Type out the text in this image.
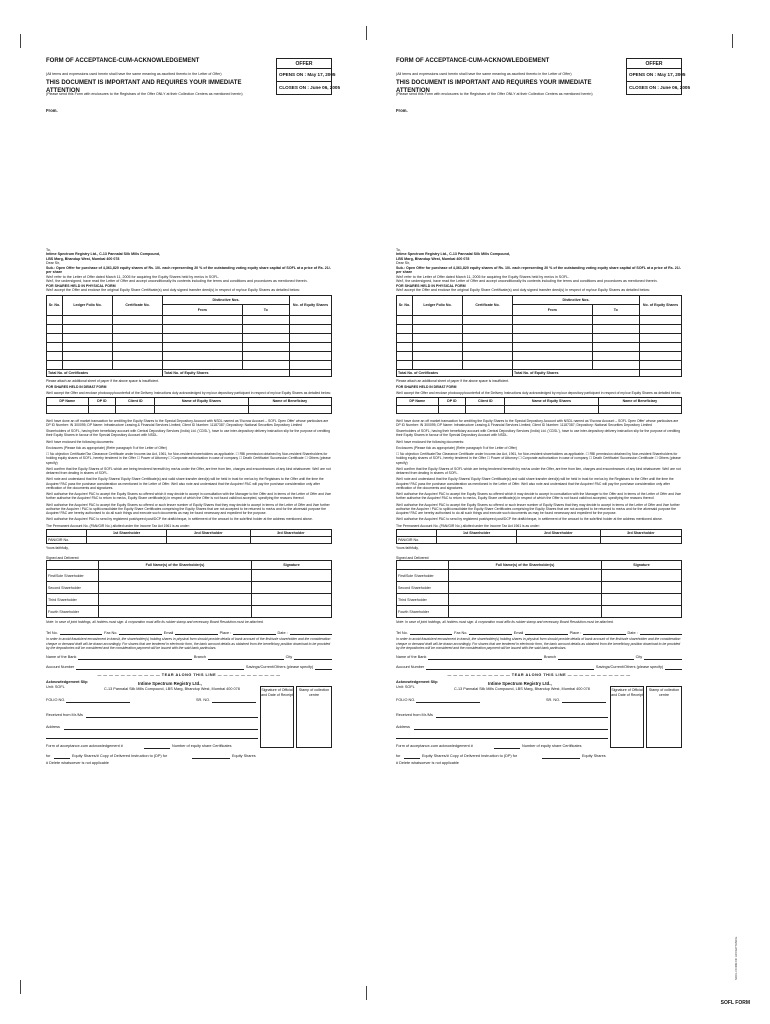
FORM OF ACCEPTANCE-CUM-ACKNOWLEDGEMENT
(All terms and expressions used herein shall have the same meaning as ascribed thereto in the Letter of Offer)
THIS DOCUMENT IS IMPORTANT AND REQUIRES YOUR IMMEDIATE ATTENTION
(Please send this Form with enclosures to the Registrars of the Offer ONLY at their Collection Centers as mentioned herein)
From.
OFFER
OPENS ON : May 17, 2005
CLOSES ON : June 06, 2005

To,

Intime Spectrum Registry Ltd., C-13 Pannalal Silk Mills Compound,

LBS Marg, Bhandup West, Mumbai 400 078

Dear Sir,

Sub.: Open Offer for purchase of 4,361,820 equity shares of Rs. 10/- each representing 20 % of the outstanding voting equity share capital of SOFL at a price of Rs. 21/- per share

We/I refer to the Letter of Offer dated March 11, 2005 for acquiring the Equity Shares held by me/us in SOFL.

We/I, the undersigned, have read the Letter of Offer and accept unconditionally its contents including the terms and conditions and procedures as mentioned therein.

FOR SHARES HELD IN PHYSICAL FORM

We/I accept the Offer and enclose the original Equity Share Certificate(s) and duly signed transfer deed(s) in respect of my/our Equity Shares as detailed below:

Sr. No.	Ledger Folio No.	Certificate No.	Distinctive Nos.		No. of Equity Shares
			From	To	

Total No. of Certificates			Total No. of Equity Shares		

Please attach an additional sheet of paper if the above space is insufficient.

FOR SHARES HELD IN DEMAT FORM

We/I accept the Offer and enclose photocopy/counterfoil of the Delivery Instructions duly acknowledged by my/our depository participant in respect of my/our Equity Shares as detailed below:

DP Name	DP ID	Client ID	Name of Equity Shares	Name of Beneficiary

We/I have done an off market transaction for crediting the Equity Shares to the Special Depository Account with NSDL named as 'Escrow Account – SOFL Open Offer' whose particulars are DP ID Number: IN 300095; DP Name: Infrastructure Leasing & Financial Services Limited; Client ID Number: 11187387; Depository: National Securities Depository Limited

Shareholders of SOFL, having their beneficiary account with Central Depository Services (India) Ltd. ('CDSL'), have to use inter-depository delivery instruction slip for the purpose of crediting their Equity Shares in favour of the Special Depository Account with NSDL.

We/I have enclosed the following documents:

Enclosures (Please tick as appropriate) (Refer paragraph 9 of the Letter of Offer)

☐ No objection Certificate/Tax Clearance Certificate under Income-tax Act, 1961, for Non-resident shareholders as applicable. ☐ RBI permission obtained by Non-resident Shareholders for holding equity shares of SOFL, hereby tendered in the Offer ☐ Power of Attorney ☐ Corporate authorization in case of company ☐ Death Certificate/ Succession Certificate ☐ Others (please specify)

We/I confirm that the Equity Shares of SOFL which are being tendered herewith by me/us under the Offer, are free from lien, charges and encumbrances of any kind whatsoever. We/I are not debarred from dealing in shares of SOFL.

We/I note and understand that the Equity Shares/ Equity Share Certificate(s) and valid share transfer deed(s) will be held in trust for me/us by the Registrars to the Offer until the time the Acquirer/ PAC pass the purchase consideration as mentioned in the Letter of Offer. We/I also note and understand that the Acquirer/ PAC will pay the purchase consideration only after verification of the documents and signatures.

We/I authorise the Acquirer/ PAC to accept the Equity Shares so offered which it may decide to accept in consultation with the Manager to the Offer and in terms of the Letter of Offer and I/we further authorise the Acquirer/ PAC to return to me/us, Equity Share certificate(s) in respect of which the Offer is not found valid/not accepted, specifying the reasons thereof.

We/I authorise the Acquirer/ PAC to accept the Equity Shares so offered or such lesser number of Equity Shares that they may decide to accept in terms of the Letter of Offer and I/we further authorise the Acquirer / PAC to split/consolidate the Equity Share Certificates comprising the Equity Shares that are not accepted to be returned to me/us and for the aforesaid purpose the Acquirer/ PAC are hereby authorised to do all such things and execute such documents as may be found necessary and expedient for the purpose.

We/I authorise the Acquirer/ PAC to send by registered post/speed post/DCP the draft/cheque, in settlement of the amount to the sole/first holder at the address mentioned above.

The Permanent Account No. (PAN/GIR No.) allotted under the Income Tax Act 1961 is as under:

	1st Shareholder	2nd Shareholder	3rd Shareholder
PAN/GIR No.			

Yours faithfully,

Signed and Delivered:

	Full Name(s) of the Shareholder(s)	Signature
First/Sole Shareholder		
Second Shareholder		
Third Shareholder		
Fourth Shareholder		

Note: In case of joint holdings, all holders must sign. A corporation must affix its rubber stamp and necessary Board Resolution must be attached.

Tel No.	Fax No.	Email	Place :	Date :

In order to avoid fraudulent encashment in transit, the shareholder(s) holding shares in physical form should provide details of bank account of the first/sole shareholder and the consideration cheque or demand draft will be drawn accordingly. For shares that are tendered in electronic form, the bank account details as obtained from the beneficiary position download to be provided by the depositories will be considered and the consideration payment will be issued with the said bank particulars.

Name of the Bank	Branch	City
Account Number	Savings/Current/Others (please specify)
— — — — — — — — — — — TEAR ALONG THIS LINE — — — — — — — — — — —
Acknowledgement Slip
Unit: SOFL
Intime Spectrum Registry Ltd.,
C-13 Pannalal Silk Mills Compound, LBS Marg, Bhandup West, Mumbai 400 078
FOLIO NO.	SR. NO.
Signature of Official and Date of Receipt
Stamp of collection centre
Received from Mr./Ms
Address
Form of acceptance-cum acknowledgement #	Number of equity share Certificates
for	Equity Shares/# Copy of Delivered Instruction to (DP) for	Equity Shares
# Delete whatsoever is not applicable
FORM OF ACCEPTANCE-CUM-ACKNOWLEDGEMENT
(All terms and expressions used herein shall have the same meaning as ascribed thereto in the Letter of Offer)
THIS DOCUMENT IS IMPORTANT AND REQUIRES YOUR IMMEDIATE ATTENTION
(Please send this Form with enclosures to the Registrars of the Offer ONLY at their Collection Centers as mentioned herein)
From.
OFFER
OPENS ON : May 17, 2005
CLOSES ON : June 06, 2005

To,

Intime Spectrum Registry Ltd., C-13 Pannalal Silk Mills Compound,

LBS Marg, Bhandup West, Mumbai 400 078

Dear Sir,

Sub.: Open Offer for purchase of 4,361,820 equity shares of Rs. 10/- each representing 20 % of the outstanding voting equity share capital of SOFL at a price of Rs. 21/- per share

We/I refer to the Letter of Offer dated March 11, 2005 for acquiring the Equity Shares held by me/us in SOFL.

We/I, the undersigned, have read the Letter of Offer and accept unconditionally its contents including the terms and conditions and procedures as mentioned therein.

FOR SHARES HELD IN PHYSICAL FORM

We/I accept the Offer and enclose the original Equity Share Certificate(s) and duly signed transfer deed(s) in respect of my/our Equity Shares as detailed below:

Sr. No.	Ledger Folio No.	Certificate No.	Distinctive Nos.		No. of Equity Shares
			From	To	

Total No. of Certificates			Total No. of Equity Shares		

Please attach an additional sheet of paper if the above space is insufficient.

FOR SHARES HELD IN DEMAT FORM

We/I accept the Offer and enclose photocopy/counterfoil of the Delivery Instructions duly acknowledged by my/our depository participant in respect of my/our Equity Shares as detailed below:

DP Name	DP ID	Client ID	Name of Equity Shares	Name of Beneficiary

We/I have done an off market transaction for crediting the Equity Shares to the Special Depository Account with NSDL named as 'Escrow Account – SOFL Open Offer' whose particulars are DP ID Number: IN 300095; DP Name: Infrastructure Leasing & Financial Services Limited; Client ID Number: 11187387; Depository: National Securities Depository Limited

Shareholders of SOFL, having their beneficiary account with Central Depository Services (India) Ltd. ('CDSL'), have to use inter-depository delivery instruction slip for the purpose of crediting their Equity Shares in favour of the Special Depository Account with NSDL.

We/I have enclosed the following documents:

Enclosures (Please tick as appropriate) (Refer paragraph 9 of the Letter of Offer)

☐ No objection Certificate/Tax Clearance Certificate under Income-tax Act, 1961, for Non-resident shareholders as applicable. ☐ RBI permission obtained by Non-resident Shareholders for holding equity shares of SOFL, hereby tendered in the Offer ☐ Power of Attorney ☐ Corporate authorization in case of company ☐ Death Certificate/ Succession Certificate ☐ Others (please specify)

We/I confirm that the Equity Shares of SOFL which are being tendered herewith by me/us under the Offer, are free from lien, charges and encumbrances of any kind whatsoever. We/I are not debarred from dealing in shares of SOFL.

We/I note and understand that the Equity Shares/ Equity Share Certificate(s) and valid share transfer deed(s) will be held in trust for me/us by the Registrars to the Offer until the time the Acquirer/ PAC pass the purchase consideration as mentioned in the Letter of Offer. We/I also note and understand that the Acquirer/ PAC will pay the purchase consideration only after verification of the documents and signatures.

We/I authorise the Acquirer/ PAC to accept the Equity Shares so offered which it may decide to accept in consultation with the Manager to the Offer and in terms of the Letter of Offer and I/we further authorise the Acquirer/ PAC to return to me/us, Equity Share certificate(s) in respect of which the Offer is not found valid/not accepted, specifying the reasons thereof.

We/I authorise the Acquirer/ PAC to accept the Equity Shares so offered or such lesser number of Equity Shares that they may decide to accept in terms of the Letter of Offer and I/we further authorise the Acquirer / PAC to split/consolidate the Equity Share Certificates comprising the Equity Shares that are not accepted to be returned to me/us and for the aforesaid purpose the Acquirer/ PAC are hereby authorised to do all such things and execute such documents as may be found necessary and expedient for the purpose.

We/I authorise the Acquirer/ PAC to send by registered post/speed post/DCP the draft/cheque, in settlement of the amount to the sole/first holder at the address mentioned above.

The Permanent Account No. (PAN/GIR No.) allotted under the Income Tax Act 1961 is as under:

	1st Shareholder	2nd Shareholder	3rd Shareholder
PAN/GIR No.			

Yours faithfully,

Signed and Delivered:

	Full Name(s) of the Shareholder(s)	Signature
First/Sole Shareholder		
Second Shareholder		
Third Shareholder		
Fourth Shareholder		

Note: In case of joint holdings, all holders must sign. A corporation must affix its rubber stamp and necessary Board Resolution must be attached.

Tel No.	Fax No.	Email	Place :	Date :

In order to avoid fraudulent encashment in transit, the shareholder(s) holding shares in physical form should provide details of bank account of the first/sole shareholder and the consideration cheque or demand draft will be drawn accordingly. For shares that are tendered in electronic form, the bank account details as obtained from the beneficiary position download to be provided by the depositories will be considered and the consideration payment will be issued with the said bank particulars.

Name of the Bank	Branch	City
Account Number	Savings/Current/Others (please specify)
— — — — — — — — — — — TEAR ALONG THIS LINE — — — — — — — — — — —
Acknowledgement Slip
Unit: SOFL
Intime Spectrum Registry Ltd.,
C-13 Pannalal Silk Mills Compound, LBS Marg, Bhandup West, Mumbai 400 078
FOLIO NO.	SR. NO.
Signature of Official and Date of Receipt
Stamp of collection centre
Received from Mr./Ms
Address
Form of acceptance-cum acknowledgement #	Number of equity share Certificates
for	Equity Shares/# Copy of Delivered Instruction to (DP) for	Equity Shares
# Delete whatsoever is not applicable
SOFL FORM OF ACCEPTANCE
SOFL FORM
